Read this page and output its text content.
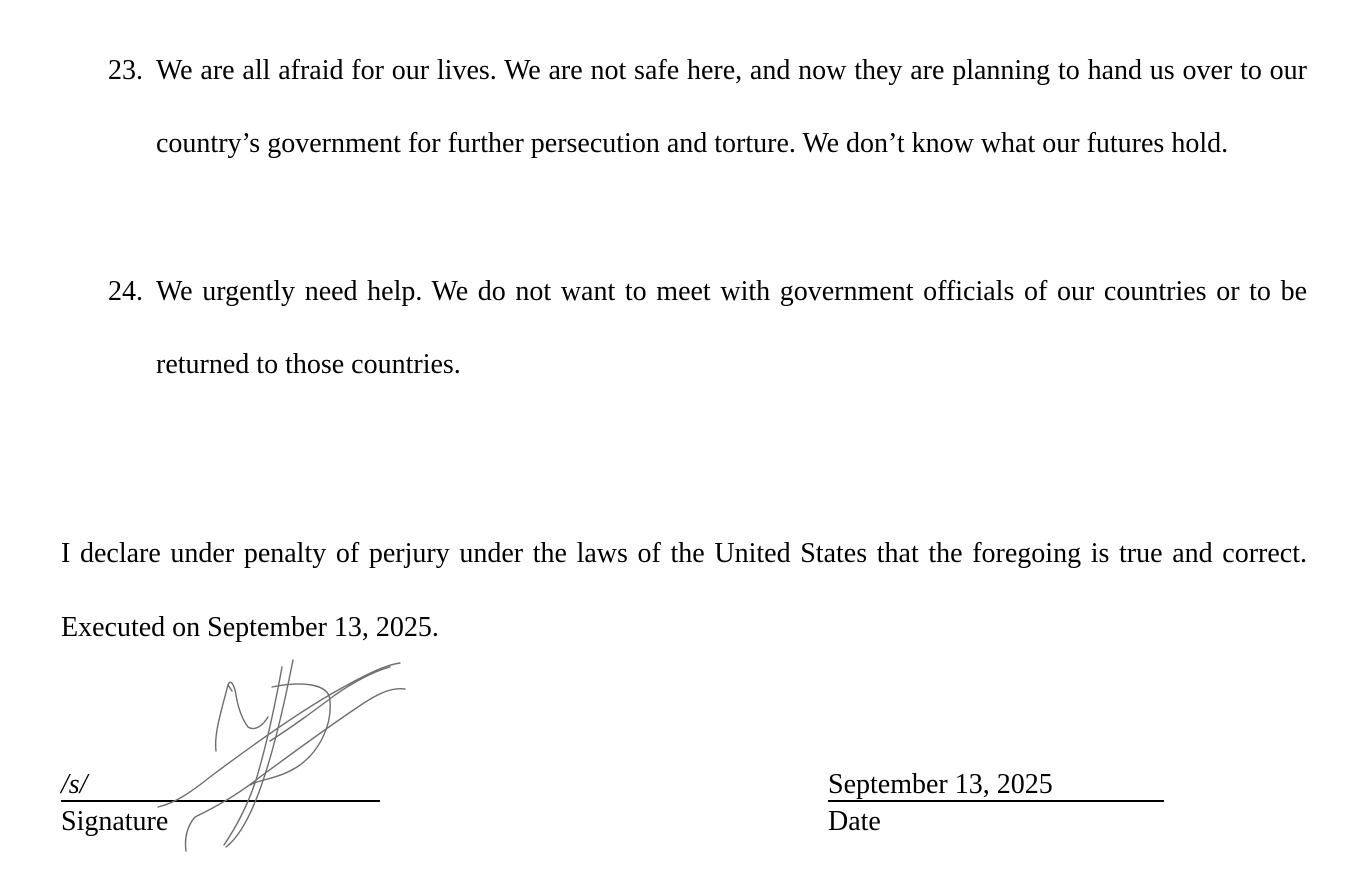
23. We are all afraid for our lives. We are not safe here, and now they are planning to hand us over to our country’s government for further persecution and torture. We don’t know what our futures hold.
24. We urgently need help. We do not want to meet with government officials of our countries or to be returned to those countries.
I declare under penalty of perjury under the laws of the United States that the foregoing is true and correct. Executed on September 13, 2025.
/s/
Signature
September 13, 2025
Date
